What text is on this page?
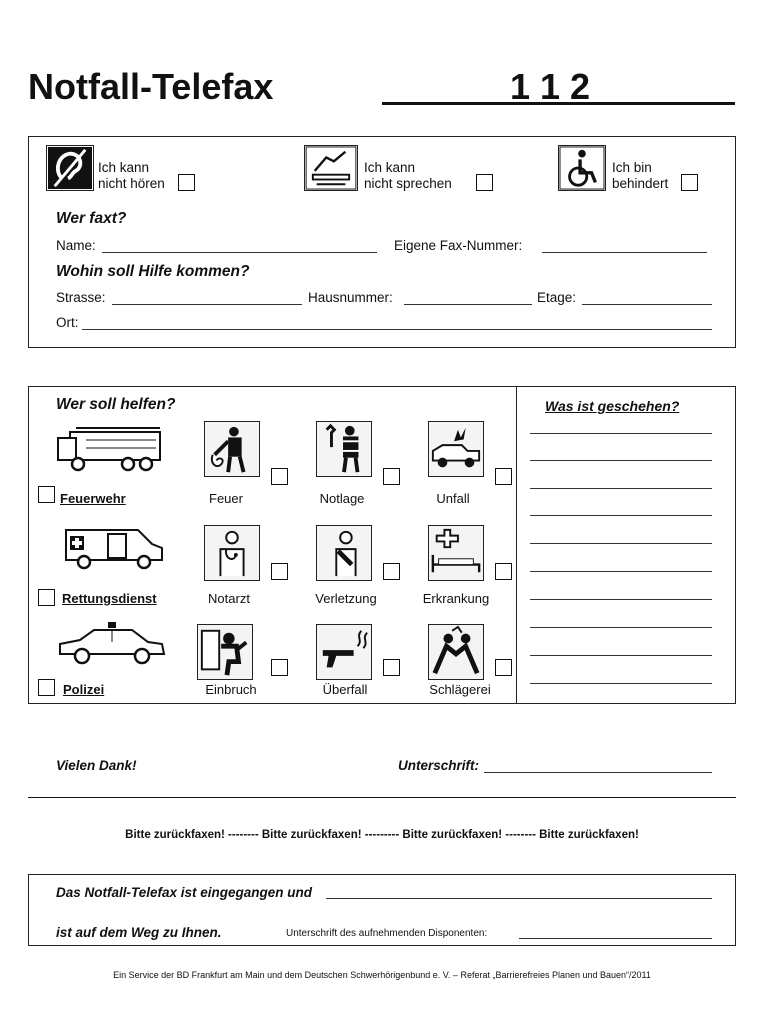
Notfall-Telefax	1 1 2
Ich kann
nicht hören
Ich kann
nicht sprechen
Ich bin
behindert
Wer faxt?
Name:	Eigene Fax-Nummer:
Wohin soll Hilfe kommen?
Strasse:	Hausnummer:	Etage:
Ort:
Wer soll helfen?	Was ist geschehen?
Feuerwehr	Feuer	Notlage	Unfall
Rettungsdienst	Notarzt	Verletzung	Erkrankung
Polizei	Einbruch	Überfall	Schlägerei
Vielen Dank!	Unterschrift:
Bitte zurückfaxen! -------- Bitte zurückfaxen! --------- Bitte zurückfaxen! -------- Bitte zurückfaxen!
Das Notfall-Telefax ist eingegangen und
ist auf dem Weg zu Ihnen.	Unterschrift des aufnehmenden Disponenten:
Ein Service der BD Frankfurt am Main und dem Deutschen Schwerhörigenbund e. V. – Referat „Barrierefreies Planen und Bauen“/2011
